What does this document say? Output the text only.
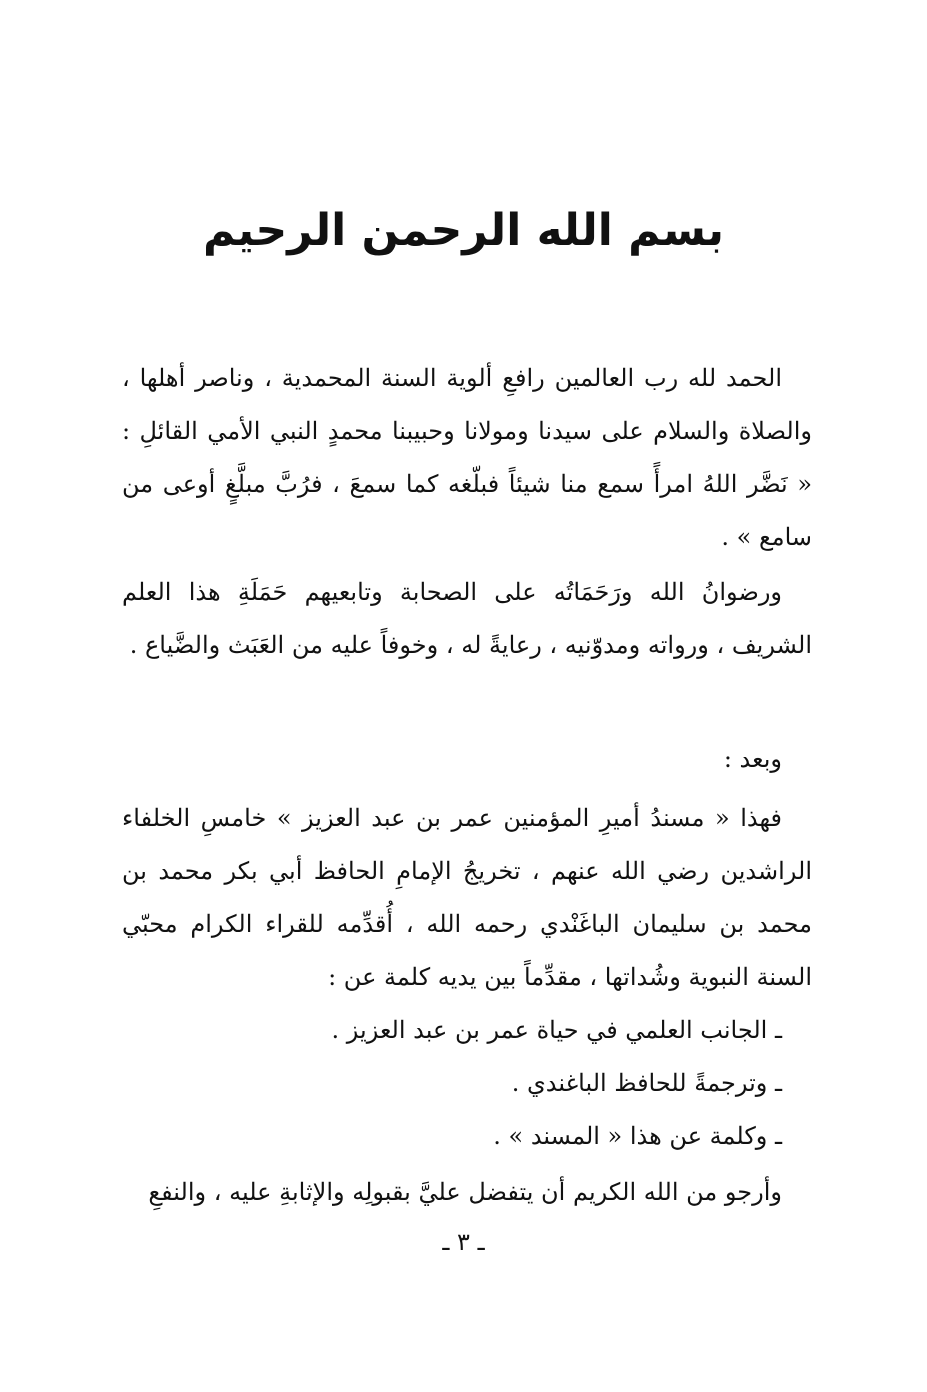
بسم الله الرحمن الرحيم
الحمد لله رب العالمين رافعِ ألوية السنة المحمدية ، وناصر أهلها ، والصلاة والسلام على سيدنا ومولانا وحبيبنا محمدٍ النبي الأمي القائلِ : « نَضَّر اللهُ امرأً سمع منا شيئاً فبلّغه كما سمعَ ، فرُبَّ مبلَّغٍ أوعى من سامع » .
ورضوانُ الله ورَحَمَاتُه على الصحابة وتابعيهم حَمَلَةِ هذا العلم الشريف ، ورواته ومدوّنيه ، رعايةً له ، وخوفاً عليه من العَبَث والضَّياع .
وبعد :
فهذا « مسندُ أميرِ المؤمنين عمر بن عبد العزيز » خامسِ الخلفاء الراشدين رضي الله عنهم ، تخريجُ الإمامِ الحافظ أبي بكر محمد بن محمد بن سليمان الباغَنْدي رحمه الله ، أُقدِّمه للقراء الكرام محبّي السنة النبوية وشُداتها ، مقدِّماً بين يديه كلمة عن :
ـ الجانب العلمي في حياة عمر بن عبد العزيز .
ـ وترجمةً للحافظ الباغندي .
ـ وكلمة عن هذا « المسند » .
وأرجو من الله الكريم أن يتفضل عليَّ بقبولِه والإثابةِ عليه ، والنفعِ
ـ ٣ ـ
